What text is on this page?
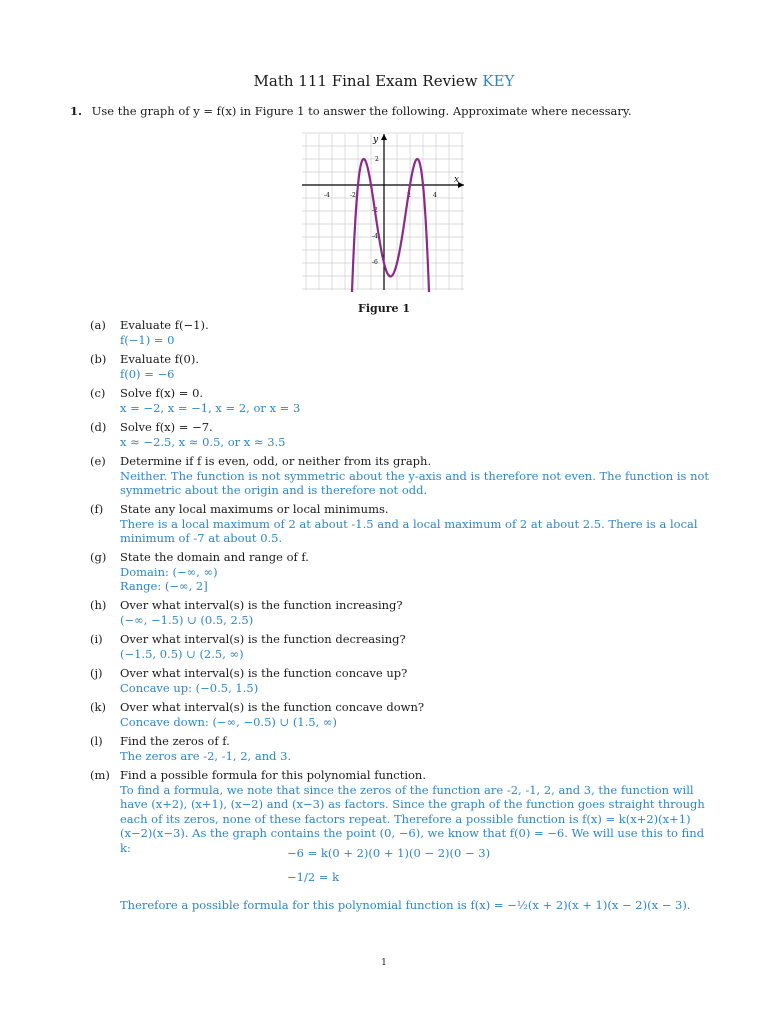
Math 111 Final Exam Review KEY
1. Use the graph of y = f(x) in Figure 1 to answer the following. Approximate where necessary.
x
y
-4	-2	2	4
2
-2
-4
-6
Figure 1
(a)	Evaluate f(−1).
f(−1) = 0
(b)	Evaluate f(0).
f(0) = −6
(c)	Solve f(x) = 0.
x = −2, x = −1, x = 2, or x = 3
(d)	Solve f(x) = −7.
x ≈ −2.5, x ≈ 0.5, or x ≈ 3.5
(e)	Determine if f is even, odd, or neither from its graph.
Neither. The function is not symmetric about the y-axis and is therefore not even. The function is not symmetric about the origin and is therefore not odd.
(f)	State any local maximums or local minimums.
There is a local maximum of 2 at about -1.5 and a local maximum of 2 at about 2.5. There is a local minimum of -7 at about 0.5.
(g)	State the domain and range of f.
Domain: (−∞, ∞)
Range: (−∞, 2]
(h)	Over what interval(s) is the function increasing?
(−∞, −1.5) ∪ (0.5, 2.5)
(i)	Over what interval(s) is the function decreasing?
(−1.5, 0.5) ∪ (2.5, ∞)
(j)	Over what interval(s) is the function concave up?
Concave up: (−0.5, 1.5)
(k)	Over what interval(s) is the function concave down?
Concave down: (−∞, −0.5) ∪ (1.5, ∞)
(l)	Find the zeros of f.
The zeros are -2, -1, 2, and 3.
(m) Find a possible formula for this polynomial function.
To find a formula, we note that since the zeros of the function are -2, -1, 2, and 3, the function will have (x+2), (x+1), (x−2) and (x−3) as factors. Since the graph of the function goes straight through each of its zeros, none of these factors repeat. Therefore a possible function is f(x) = k(x+2)(x+1)(x−2)(x−3). As the graph contains the point (0, −6), we know that f(0) = −6. We will use this to find k:	−6 = k(0 + 2)(0 + 1)(0 − 2)(0 − 3)
−1/2 = k
Therefore a possible formula for this polynomial function is f(x) = −½(x + 2)(x + 1)(x − 2)(x − 3).
1
